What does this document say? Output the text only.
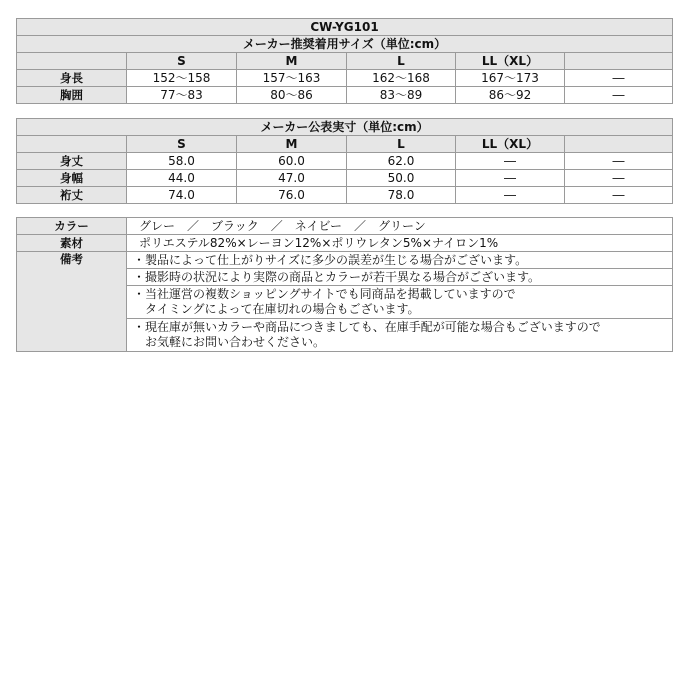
CW-YG101					
メーカー推奨着用サイズ（単位:cm）					
	S	M	L	LL（XL）	
身長	152～158	157～163	162～168	167～173	―
胸囲	77～83	80～86	83～89	86～92	―
メーカー公表実寸（単位:cm）					
	S	M	L	LL（XL）	
身丈	58.0	60.0	62.0	―	―
身幅	44.0	47.0	50.0	―	―
裄丈	74.0	76.0	78.0	―	―
カラー	グレー　／　ブラック　／　ネイビー　／　グリーン
素材	ポリエステル82%×レーヨン12%×ポリウレタン5%×ナイロン1%
備考	・製品によって仕上がりサイズに多少の誤差が生じる場合がございます。
	・撮影時の状況により実際の商品とカラーが若干異なる場合がございます。

	・当社運営の複数ショッピングサイトでも同商品を掲載していますので
　タイミングによって在庫切れの場合もございます。

	・現在庫が無いカラーや商品につきましても、在庫手配が可能な場合もございますので
　お気軽にお問い合わせください。
